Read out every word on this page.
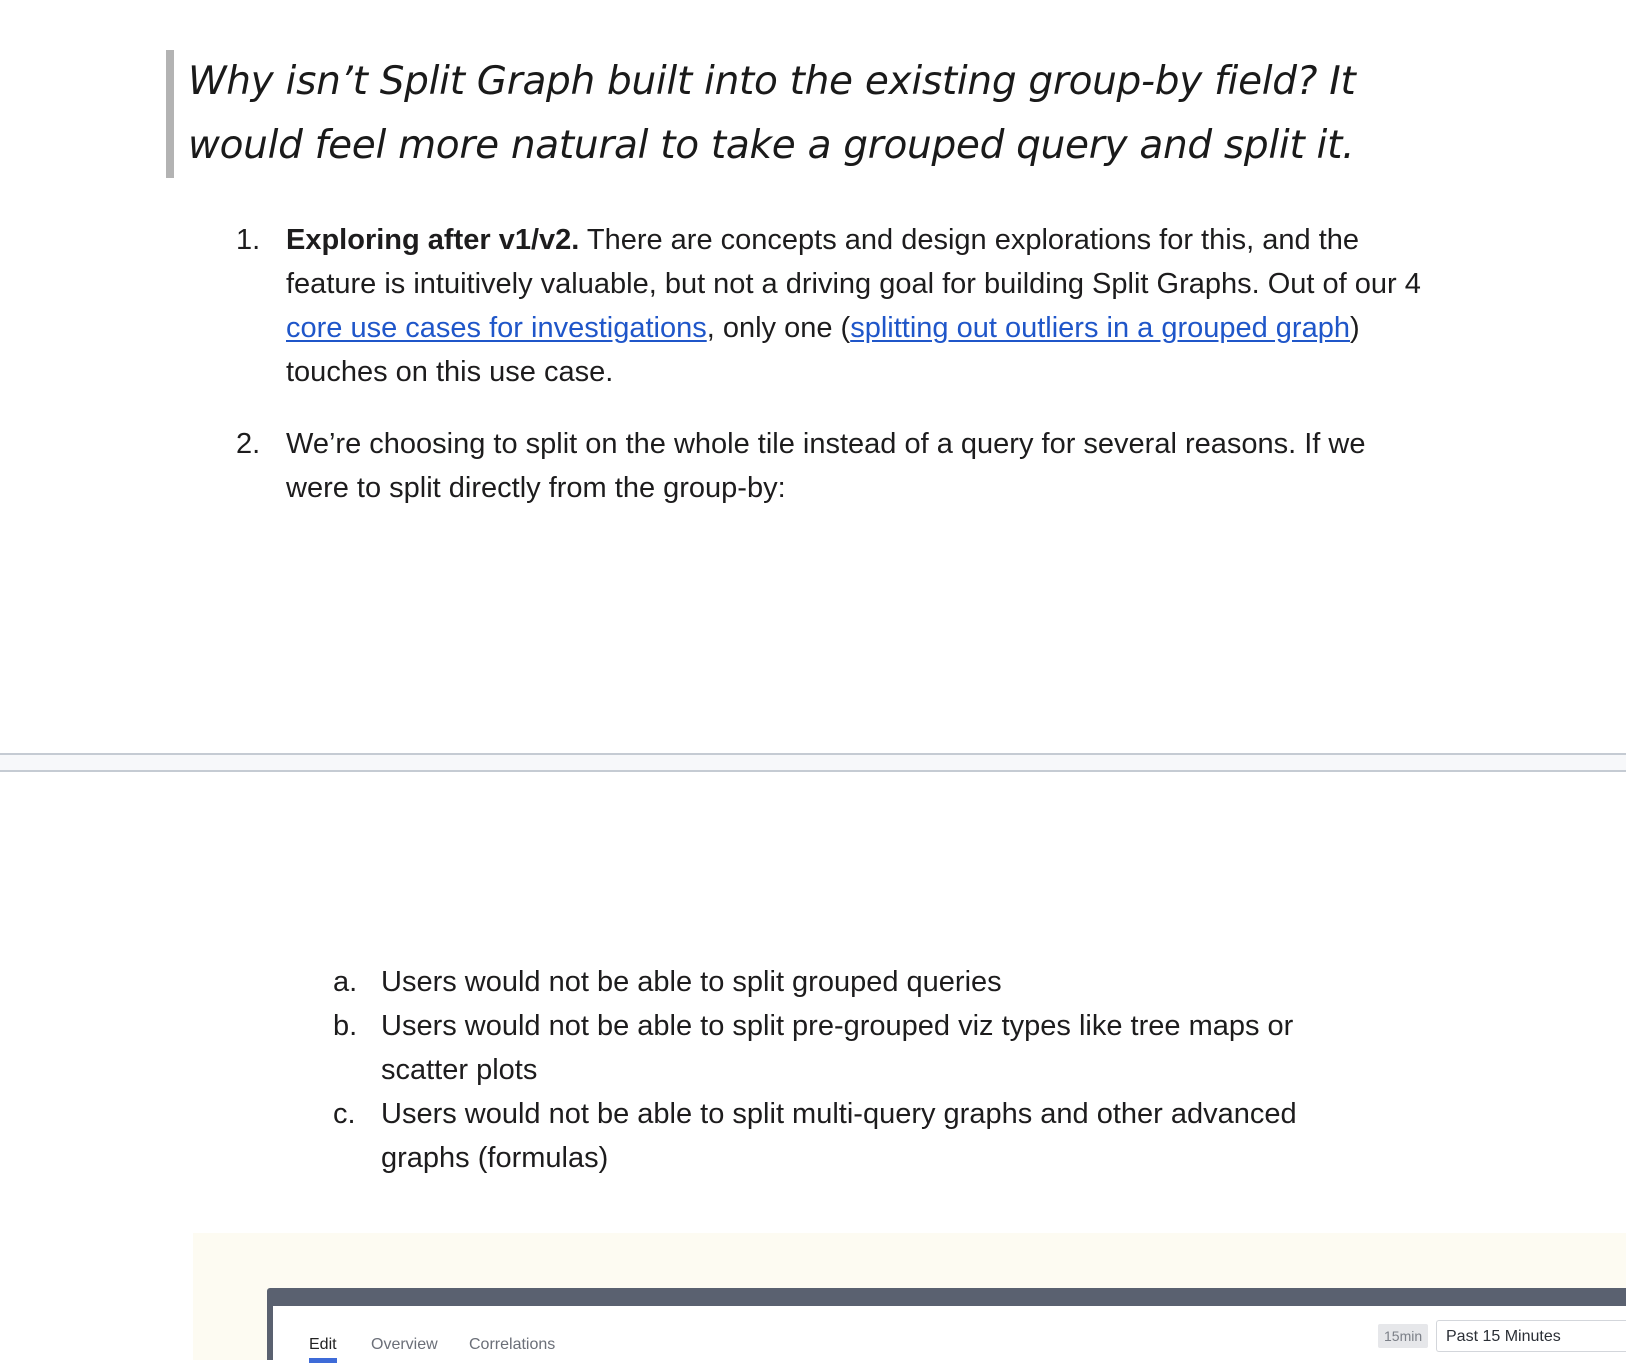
Why isn’t Split Graph built into the existing group-by field? It would feel more natural to take a grouped query and split it.
1. Exploring after v1/v2. There are concepts and design explorations for this, and the feature is intuitively valuable, but not a driving goal for building Split Graphs. Out of our 4 core use cases for investigations, only one (splitting out outliers in a grouped graph) touches on this use case.
2. We’re choosing to split on the whole tile instead of a query for several reasons. If we were to split directly from the group-by:
a. Users would not be able to split grouped queries
b. Users would not be able to split pre-grouped viz types like tree maps or scatter plots
c. Users would not be able to split multi-query graphs and other advanced graphs (formulas)
Edit Overview Correlations	15min	Past 15 Minutes
